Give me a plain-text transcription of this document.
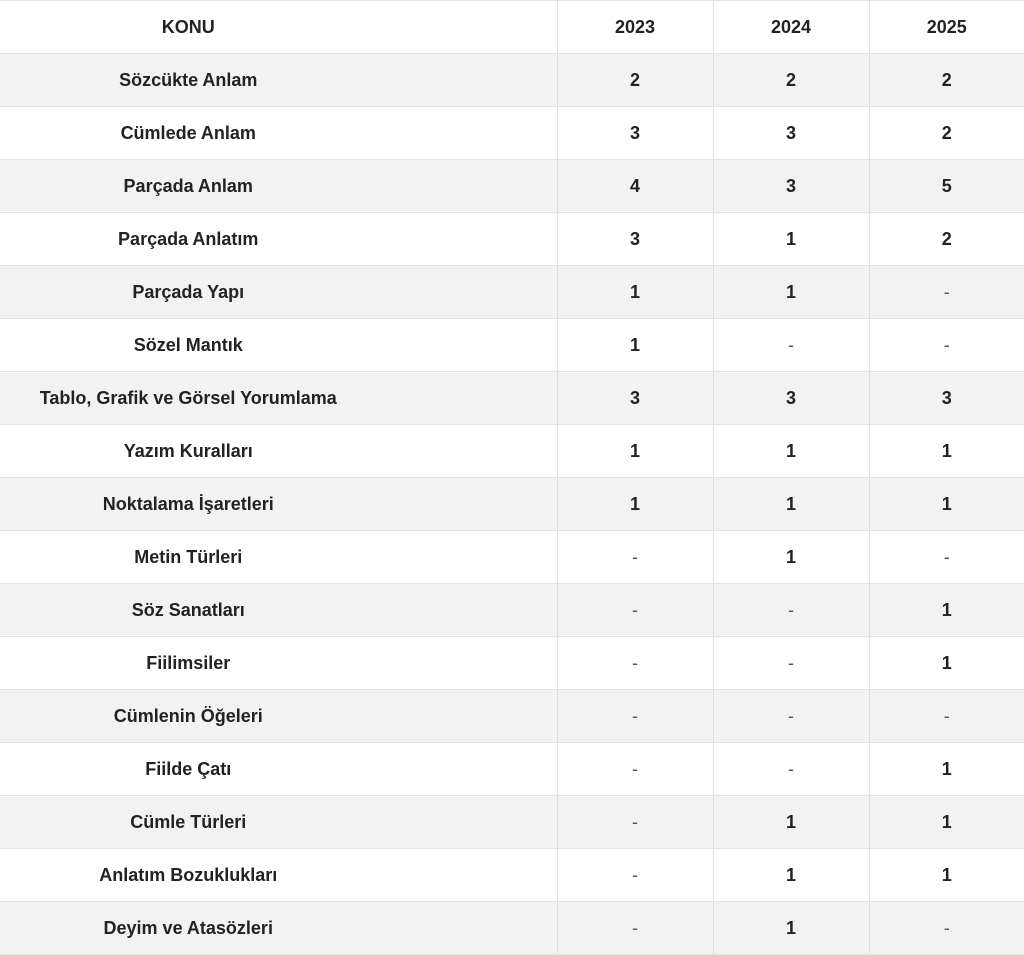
KONU	2023	2024	2025
Sözcükte Anlam	2	2	2
Cümlede Anlam	3	3	2
Parçada Anlam	4	3	5
Parçada Anlatım	3	1	2
Parçada Yapı	1	1	-
Sözel Mantık	1	-	-
Tablo, Grafik ve Görsel Yorumlama	3	3	3
Yazım Kuralları	1	1	1
Noktalama İşaretleri	1	1	1
Metin Türleri	-	1	-
Söz Sanatları	-	-	1
Fiilimsiler	-	-	1
Cümlenin Öğeleri	-	-	-
Fiilde Çatı	-	-	1
Cümle Türleri	-	1	1
Anlatım Bozuklukları	-	1	1
Deyim ve Atasözleri	-	1	-
